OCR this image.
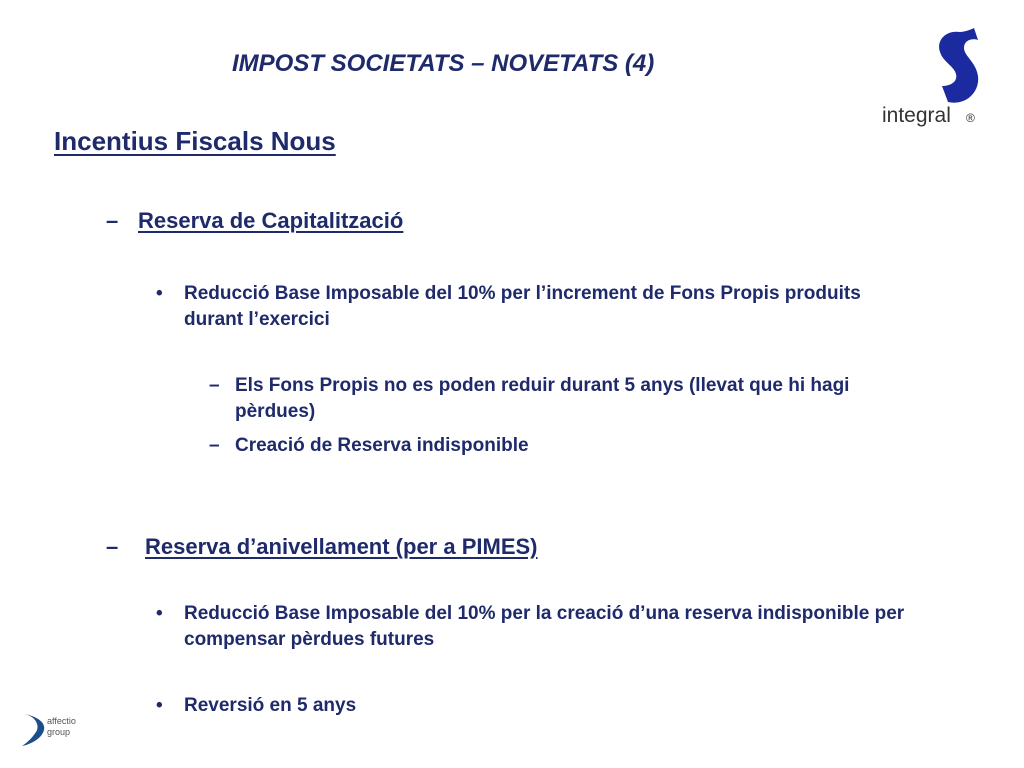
IMPOST SOCIETATS – NOVETATS (4)
integral ®
Incentius Fiscals Nous
– Reserva de Capitalització
• Reducció Base Imposable del 10% per l’increment de Fons Propis produits durant l’exercici
– Els Fons Propis no es poden reduir durant 5 anys (llevat que hi hagi pèrdues)
– Creació de Reserva indisponible
– Reserva d’anivellament (per a PIMES)
• Reducció Base Imposable del 10% per la creació d’una reserva indisponible per compensar pèrdues futures
• Reversió en 5 anys
affectio
group
